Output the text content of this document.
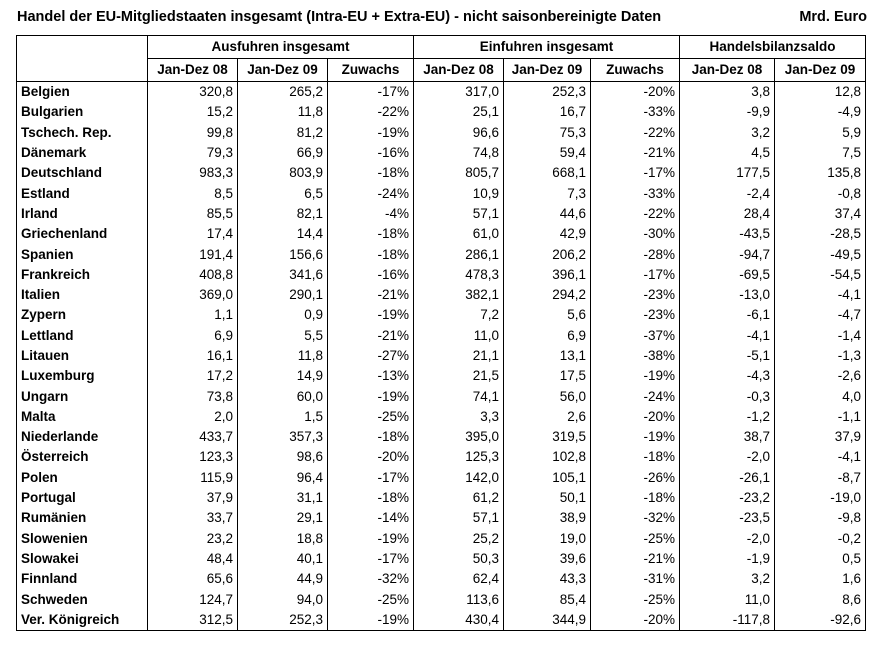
Handel der EU-Mitgliedstaaten insgesamt (Intra-EU + Extra-EU) - nicht saisonbereinigte Daten	Mrd. Euro
	Ausfuhren insgesamt			Einfuhren insgesamt			Handelsbilanzsaldo	
	Jan-Dez 08	Jan-Dez 09	Zuwachs	Jan-Dez 08	Jan-Dez 09	Zuwachs	Jan-Dez 08	Jan-Dez 09
Belgien	320,8	265,2	-17%	317,0	252,3	-20%	3,8	12,8
Bulgarien	15,2	11,8	-22%	25,1	16,7	-33%	-9,9	-4,9
Tschech. Rep.	99,8	81,2	-19%	96,6	75,3	-22%	3,2	5,9
Dänemark	79,3	66,9	-16%	74,8	59,4	-21%	4,5	7,5
Deutschland	983,3	803,9	-18%	805,7	668,1	-17%	177,5	135,8
Estland	8,5	6,5	-24%	10,9	7,3	-33%	-2,4	-0,8
Irland	85,5	82,1	-4%	57,1	44,6	-22%	28,4	37,4
Griechenland	17,4	14,4	-18%	61,0	42,9	-30%	-43,5	-28,5
Spanien	191,4	156,6	-18%	286,1	206,2	-28%	-94,7	-49,5
Frankreich	408,8	341,6	-16%	478,3	396,1	-17%	-69,5	-54,5
Italien	369,0	290,1	-21%	382,1	294,2	-23%	-13,0	-4,1
Zypern	1,1	0,9	-19%	7,2	5,6	-23%	-6,1	-4,7
Lettland	6,9	5,5	-21%	11,0	6,9	-37%	-4,1	-1,4
Litauen	16,1	11,8	-27%	21,1	13,1	-38%	-5,1	-1,3
Luxemburg	17,2	14,9	-13%	21,5	17,5	-19%	-4,3	-2,6
Ungarn	73,8	60,0	-19%	74,1	56,0	-24%	-0,3	4,0
Malta	2,0	1,5	-25%	3,3	2,6	-20%	-1,2	-1,1
Niederlande	433,7	357,3	-18%	395,0	319,5	-19%	38,7	37,9
Österreich	123,3	98,6	-20%	125,3	102,8	-18%	-2,0	-4,1
Polen	115,9	96,4	-17%	142,0	105,1	-26%	-26,1	-8,7
Portugal	37,9	31,1	-18%	61,2	50,1	-18%	-23,2	-19,0
Rumänien	33,7	29,1	-14%	57,1	38,9	-32%	-23,5	-9,8
Slowenien	23,2	18,8	-19%	25,2	19,0	-25%	-2,0	-0,2
Slowakei	48,4	40,1	-17%	50,3	39,6	-21%	-1,9	0,5
Finnland	65,6	44,9	-32%	62,4	43,3	-31%	3,2	1,6
Schweden	124,7	94,0	-25%	113,6	85,4	-25%	11,0	8,6
Ver. Königreich	312,5	252,3	-19%	430,4	344,9	-20%	-117,8	-92,6
